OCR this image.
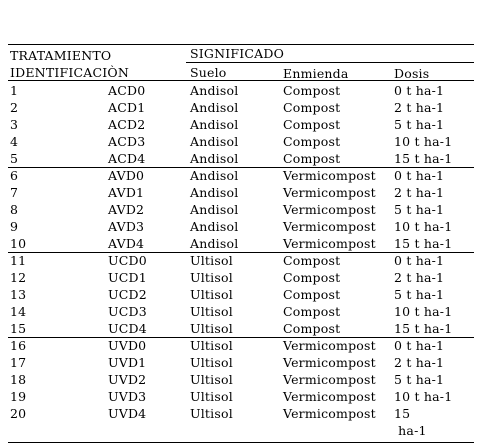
TRATAMIENTO
IDENTIFICACIÒN
SIGNIFICADO
Suelo	Enmienda	Dosis
1	ACD0	Andisol	Compost	0 t ha-1
2	ACD1	Andisol	Compost	2 t ha-1
3	ACD2	Andisol	Compost	5 t ha-1
4	ACD3	Andisol	Compost	10 t ha-1
5	ACD4	Andisol	Compost	15 t ha-1
6	AVD0	Andisol	Vermicompost 0 t ha-1
7	AVD1	Andisol	Vermicompost 2 t ha-1
8	AVD2	Andisol	Vermicompost 5 t ha-1
9	AVD3	Andisol	Vermicompost 10 t ha-1
10	AVD4	Andisol	Vermicompost 15 t ha-1
11	UCD0	Ultisol	Compost	0 t ha-1
12	UCD1	Ultisol	Compost	2 t ha-1
13	UCD2	Ultisol	Compost	5 t ha-1
14	UCD3	Ultisol	Compost	10 t ha-1
15	UCD4	Ultisol	Compost	15 t ha-1
16	UVD0	Ultisol	Vermicompost 0 t ha-1
17	UVD1	Ultisol	Vermicompost 2 t ha-1
18	UVD2	Ultisol	Vermicompost 5 t ha-1
19	UVD3	Ultisol	Vermicompost 10 t ha-1
20	UVD4	Ultisol	Vermicompost 15
ha-1
